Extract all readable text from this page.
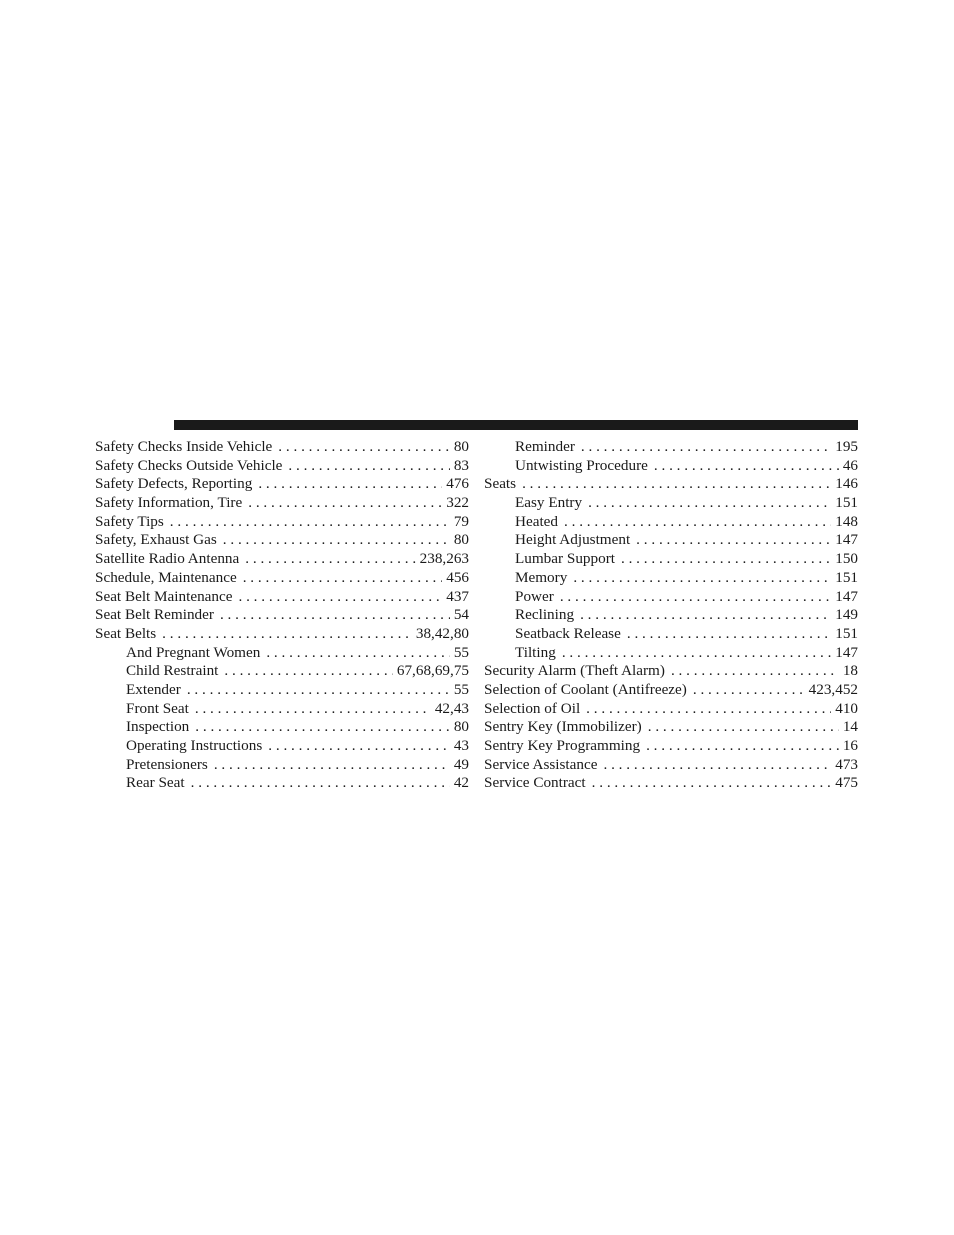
Safety Checks Inside Vehicle . . .	80
Safety Checks Outside Vehicle . . .	83
Safety Defects, Reporting . . .	476
Safety Information, Tire . . .	322
Safety Tips . . .	79
Safety, Exhaust Gas . . .	80
Satellite Radio Antenna . . .	238,263
Schedule, Maintenance . . .	456
Seat Belt Maintenance . . .	437
Seat Belt Reminder . . .	54
Seat Belts . . .	38,42,80
And Pregnant Women . . .	55
Child Restraint . . .	67,68,69,75
Extender . . .	55
Front Seat . . .	42,43
Inspection . . .	80
Operating Instructions . . .	43
Pretensioners . . .	49
Rear Seat . . .	42
Reminder . . .	195
Untwisting Procedure . . .	46
Seats . . .	146
Easy Entry . . .	151
Heated . . .	148
Height Adjustment . . .	147
Lumbar Support . . .	150
Memory . . .	151
Power . . .	147
Reclining . . .	149
Seatback Release . . .	151
Tilting . . .	147
Security Alarm (Theft Alarm) . . .	18
Selection of Coolant (Antifreeze) . . .	423,452
Selection of Oil . . .	410
Sentry Key (Immobilizer) . . .	14
Sentry Key Programming . . .	16
Service Assistance . . .	473
Service Contract . . .	475
